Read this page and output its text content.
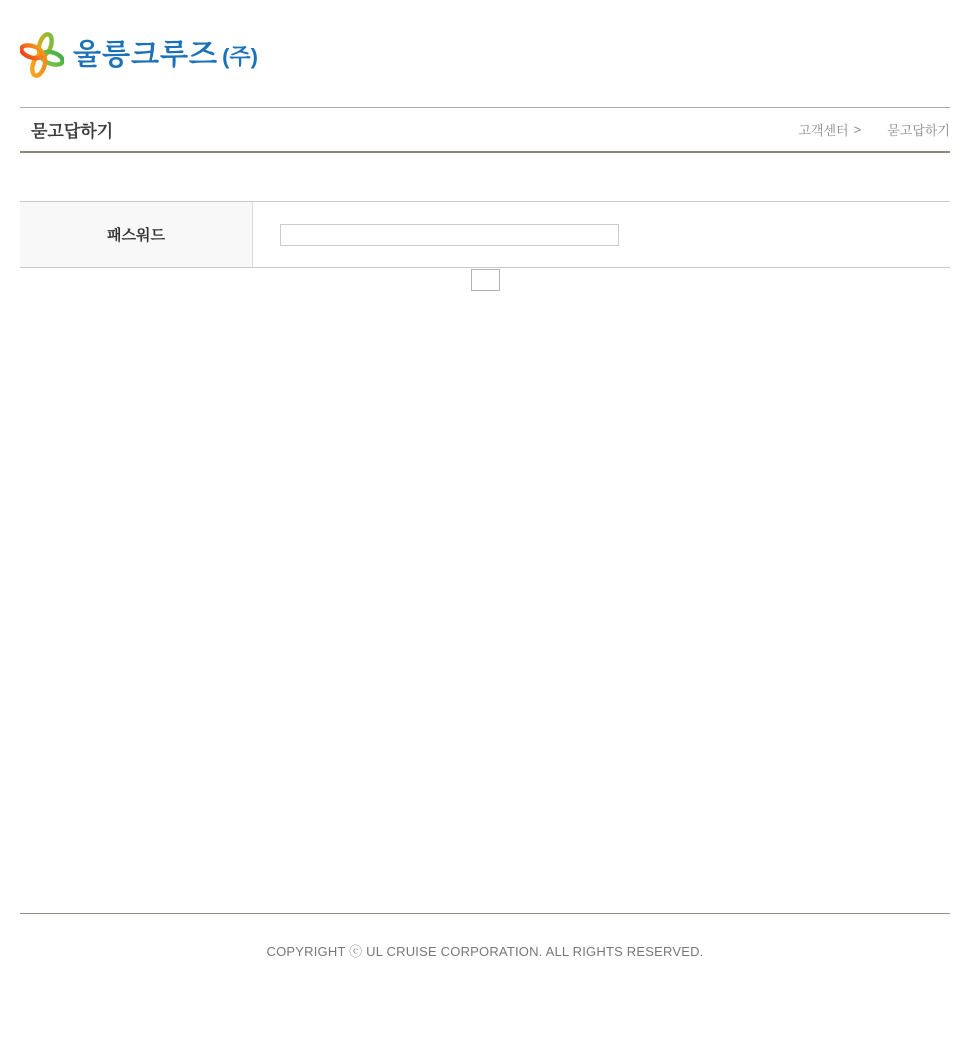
울릉크루즈 (주)
묻고답하기	고객센터 > 묻고답하기
패스워드
COPYRIGHT ⓒ UL CRUISE CORPORATION. ALL RIGHTS RESERVED.
